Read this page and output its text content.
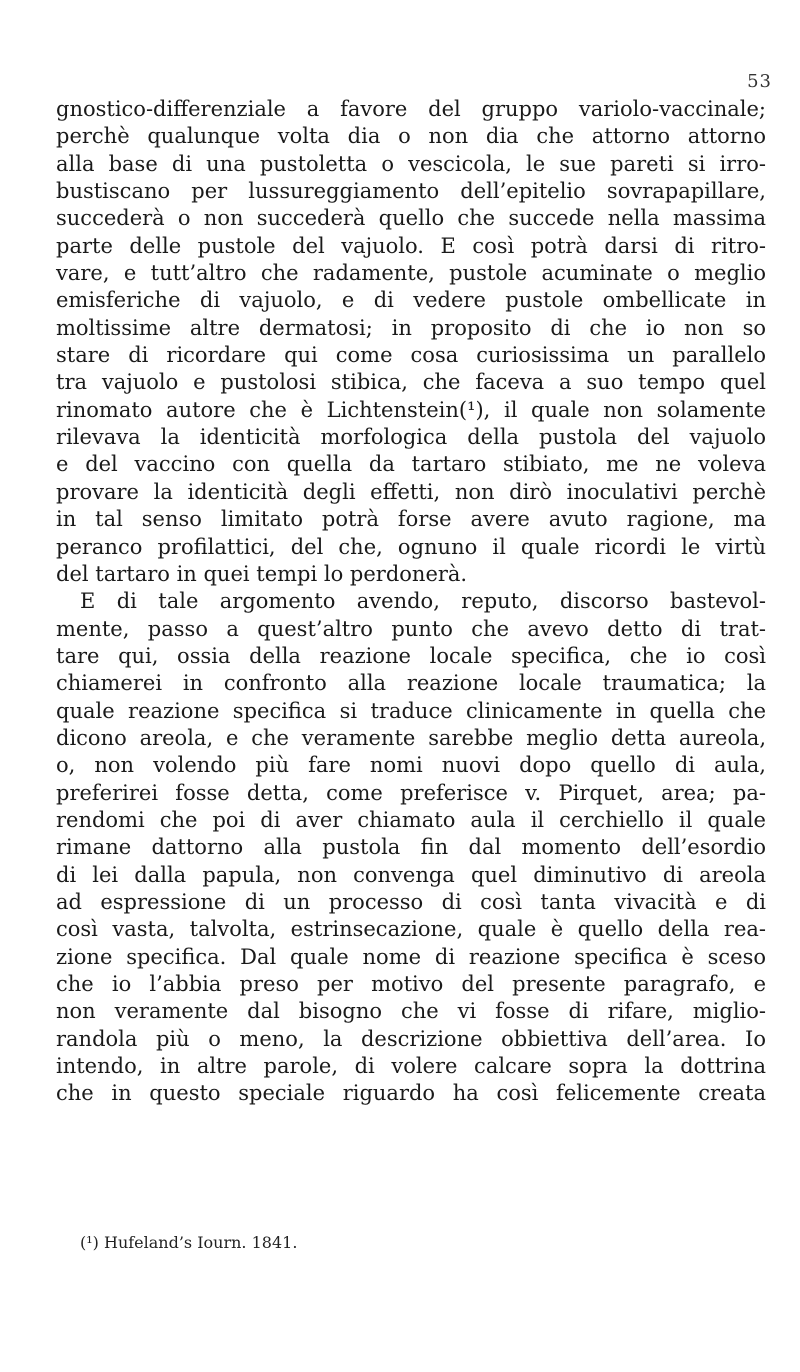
53
gnostico-differenziale a favore del gruppo variolo-vaccinale;
perchè qualunque volta dia o non dia che attorno attorno
alla base di una pustoletta o vescicola, le sue pareti si irro-
bustiscano per lussureggiamento dell’epitelio sovrapapillare,
succederà o non succederà quello che succede nella massima
parte delle pustole del vajuolo. E così potrà darsi di ritro-
vare, e tutt’altro che radamente, pustole acuminate o meglio
emisferiche di vajuolo, e di vedere pustole ombellicate in
moltissime altre dermatosi; in proposito di che io non so
stare di ricordare qui come cosa curiosissima un parallelo
tra vajuolo e pustolosi stibica, che faceva a suo tempo quel
rinomato autore che è Lichtenstein(¹), il quale non solamente
rilevava la identicità morfologica della pustola del vajuolo
e del vaccino con quella da tartaro stibiato, me ne voleva
provare la identicità degli effetti, non dirò inoculativi perchè
in tal senso limitato potrà forse avere avuto ragione, ma
peranco profilattici, del che, ognuno il quale ricordi le virtù
del tartaro in quei tempi lo perdonerà.
E di tale argomento avendo, reputo, discorso bastevol-
mente, passo a quest’altro punto che avevo detto di trat-
tare qui, ossia della reazione locale specifica, che io così
chiamerei in confronto alla reazione locale traumatica; la
quale reazione specifica si traduce clinicamente in quella che
dicono areola, e che veramente sarebbe meglio detta aureola,
o, non volendo più fare nomi nuovi dopo quello di aula,
preferirei fosse detta, come preferisce v. Pirquet, area; pa-
rendomi che poi di aver chiamato aula il cerchiello il quale
rimane dattorno alla pustola fin dal momento dell’esordio
di lei dalla papula, non convenga quel diminutivo di areola
ad espressione di un processo di così tanta vivacità e di
così vasta, talvolta, estrinsecazione, quale è quello della rea-
zione specifica. Dal quale nome di reazione specifica è sceso
che io l’abbia preso per motivo del presente paragrafo, e
non veramente dal bisogno che vi fosse di rifare, miglio-
randola più o meno, la descrizione obbiettiva dell’area. Io
intendo, in altre parole, di volere calcare sopra la dottrina
che in questo speciale riguardo ha così felicemente creata
(¹) Hufeland’s Iourn. 1841.
